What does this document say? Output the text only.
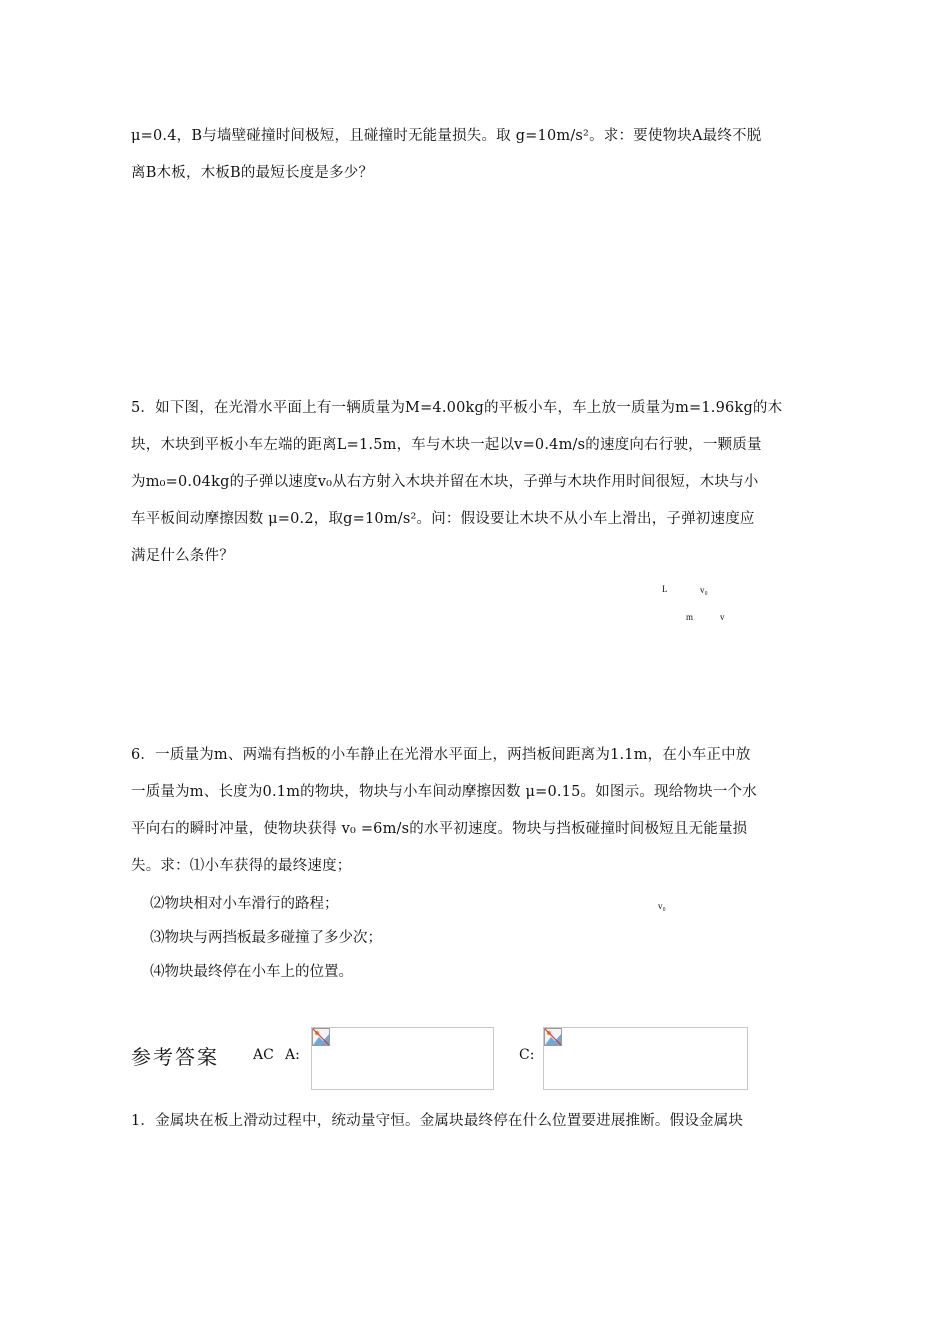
μ=0.4，B与墙壁碰撞时间极短，且碰撞时无能量损失。取 g=10m/s²。求：要使物块A最终不脱
离B木板，木板B的最短长度是多少？
5．如下图，在光滑水平面上有一辆质量为M=4.00kg的平板小车，车上放一质量为m=1.96kg的木
块，木块到平板小车左端的距离L=1.5m，车与木块一起以v=0.4m/s的速度向右行驶，一颗质量
为m₀=0.04kg的子弹以速度v₀从右方射入木块并留在木块，子弹与木块作用时间很短，木块与小
车平板间动摩擦因数 μ=0.2，取g=10m/s²。问：假设要让木块不从小车上滑出，子弹初速度应
满足什么条件？
L	v₀
m	v
6．一质量为m、两端有挡板的小车静止在光滑水平面上，两挡板间距离为1.1m，在小车正中放
一质量为m、长度为0.1m的物块，物块与小车间动摩擦因数 μ=0.15。如图示。现给物块一个水
平向右的瞬时冲量，使物块获得 v₀ =6m/s的水平初速度。物块与挡板碰撞时间极短且无能量损
失。求：⑴小车获得的最终速度；
⑵物块相对小车滑行的路程；
⑶物块与两挡板最多碰撞了多少次；
⑷物块最终停在小车上的位置。
v₀
参考答案 AC A:	C:
1．金属块在板上滑动过程中，统动量守恒。金属块最终停在什么位置要进展推断。假设金属块
